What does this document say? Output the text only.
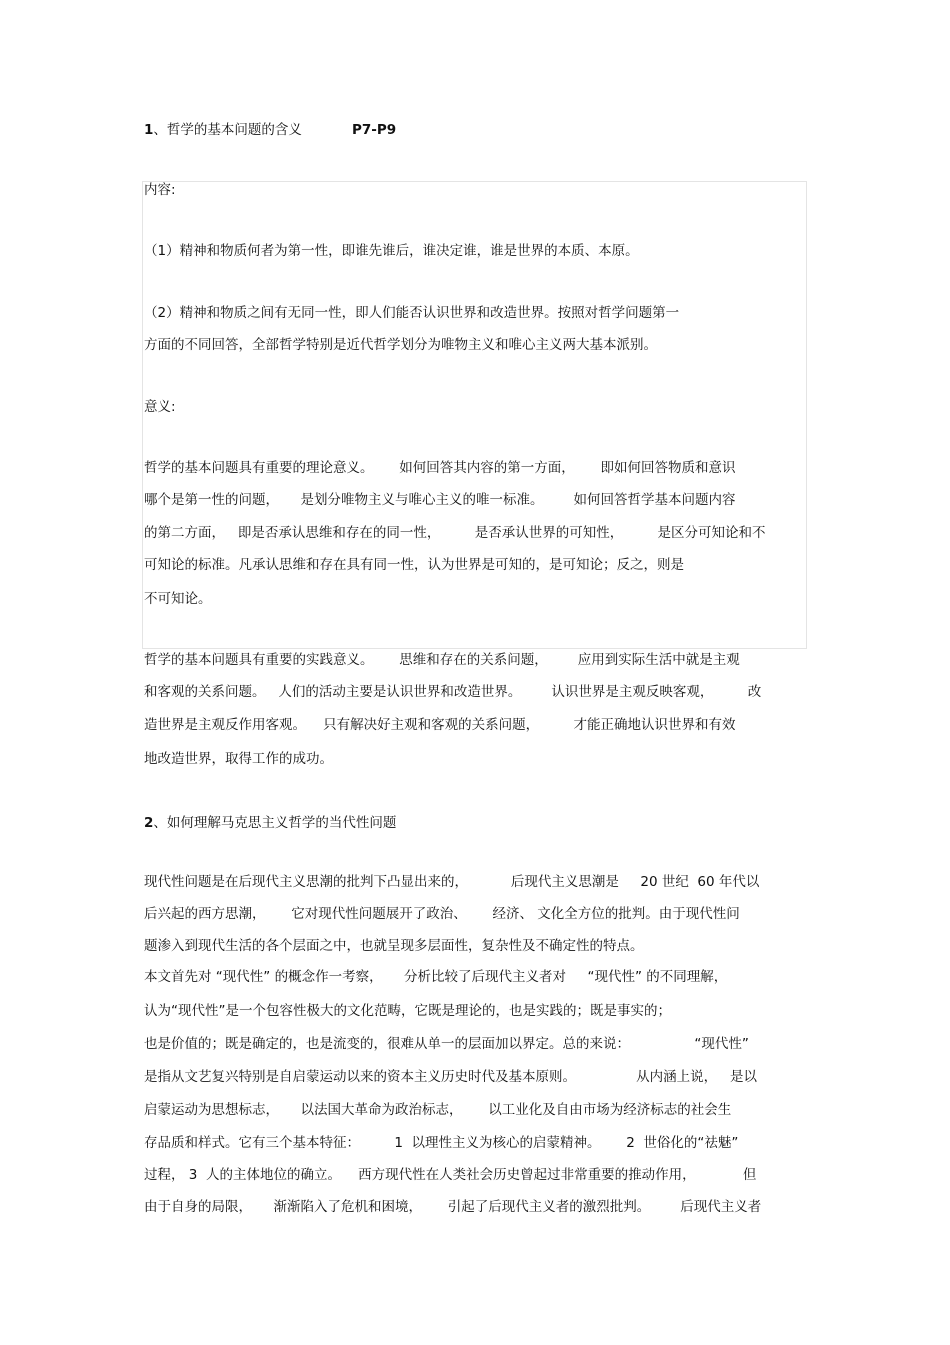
1、哲学的基本问题的含义	P7-P9

内容:

（1）精神和物质何者为第一性，即谁先谁后，谁决定谁，谁是世界的本质、本原。

（2）精神和物质之间有无同一性，即人们能否认识世界和改造世界。按照对哲学问题第一

方面的不同回答，全部哲学特别是近代哲学划分为唯物主义和唯心主义两大基本派别。

意义:

哲学的基本问题具有重要的理论意义。      如何回答其内容的第一方面，      即如何回答物质和意识

哪个是第一性的问题，     是划分唯物主义与唯心主义的唯一标准。       如何回答哲学基本问题内容

的第二方面，   即是否承认思维和存在的同一性，        是否承认世界的可知性，        是区分可知论和不

可知论的标准。凡承认思维和存在具有同一性，认为世界是可知的，是可知论；反之，则是

不可知论。

哲学的基本问题具有重要的实践意义。      思维和存在的关系问题，       应用到实际生活中就是主观

和客观的关系问题。   人们的活动主要是认识世界和改造世界。       认识世界是主观反映客观，        改

造世界是主观反作用客观。    只有解决好主观和客观的关系问题，        才能正确地认识世界和有效

地改造世界，取得工作的成功。

2、如何理解马克思主义哲学的当代性问题

现代性问题是在后现代主义思潮的批判下凸显出来的，          后现代主义思潮是     20 世纪  60 年代以

后兴起的西方思潮，      它对现代性问题展开了政治、      经济、 文化全方位的批判。由于现代性问

题渗入到现代生活的各个层面之中，也就呈现多层面性，复杂性及不确定性的特点。

本文首先对 “现代性” 的概念作一考察，     分析比较了后现代主义者对     “现代性” 的不同理解，

认为“现代性”是一个包容性极大的文化范畴，它既是理论的，也是实践的；既是事实的；

也是价值的；既是确定的，也是流变的，很难从单一的层面加以界定。总的来说：               “现代性”

是指从文艺复兴特别是自启蒙运动以来的资本主义历史时代及基本原则。              从内涵上说，   是以

启蒙运动为思想标志，     以法国大革命为政治标志，      以工业化及自由市场为经济标志的社会生

存品质和样式。它有三个基本特征：        1  以理性主义为核心的启蒙精神。      2  世俗化的“祛魅”

过程， 3  人的主体地位的确立。    西方现代性在人类社会历史曾起过非常重要的推动作用，           但

由于自身的局限，     渐渐陷入了危机和困境，      引起了后现代主义者的激烈批判。       后现代主义者
